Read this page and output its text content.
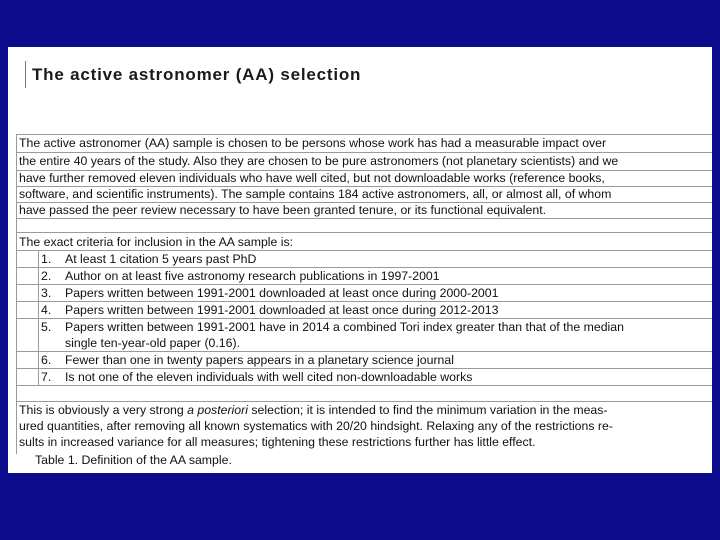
The active astronomer (AA) selection
The active astronomer (AA) sample is chosen to be persons whose work has had a measurable impact over
the entire 40 years of the study. Also they are chosen to be pure astronomers (not planetary scientists) and we
have further removed eleven individuals who have well cited, but not downloadable works (reference books,
software, and scientific instruments). The sample contains 184 active astronomers, all, or almost all, of whom
have passed the peer review necessary to have been granted tenure, or its functional equivalent.
The exact criteria for inclusion in the AA sample is:
1. At least 1 citation 5 years past PhD
2. Author on at least five astronomy research publications in 1997-2001
3. Papers written between 1991-2001 downloaded at least once during 2000-2001
4. Papers written between 1991-2001 downloaded at least once during 2012-2013
5. Papers written between 1991-2001 have in 2014 a combined Tori index greater than that of the median
single ten-year-old paper (0.16).
6. Fewer than one in twenty papers appears in a planetary science journal
7. Is not one of the eleven individuals with well cited non-downloadable works
This is obviously a very strong a posteriori selection; it is intended to find the minimum variation in the meas-
ured quantities, after removing all known systematics with 20/20 hindsight. Relaxing any of the restrictions re-
sults in increased variance for all measures; tightening these restrictions further has little effect.
Table 1. Definition of the AA sample.
